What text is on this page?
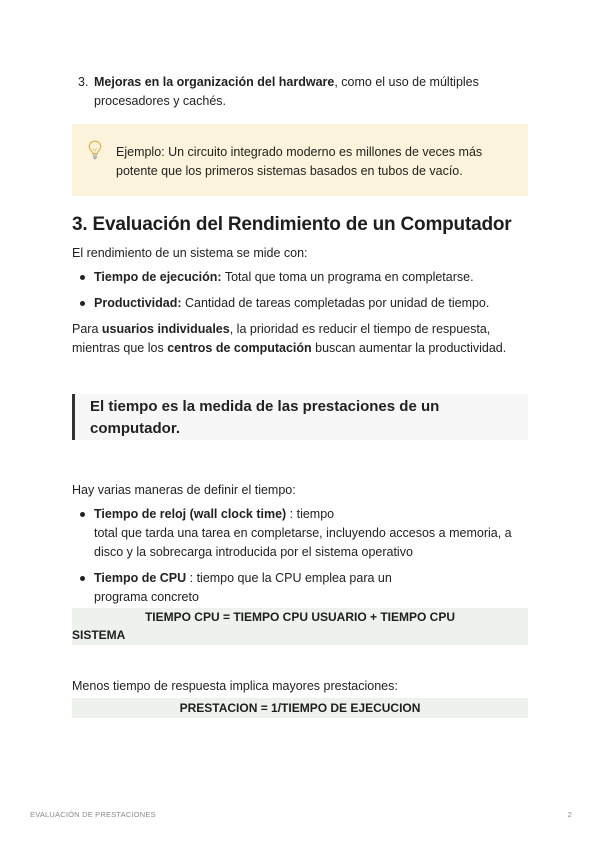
3. Mejoras en la organización del hardware, como el uso de múltiples procesadores y cachés.
Ejemplo: Un circuito integrado moderno es millones de veces más potente que los primeros sistemas basados en tubos de vacío.
3. Evaluación del Rendimiento de un Computador
El rendimiento de un sistema se mide con:
Tiempo de ejecución: Total que toma un programa en completarse.
Productividad: Cantidad de tareas completadas por unidad de tiempo.
Para usuarios individuales, la prioridad es reducir el tiempo de respuesta, mientras que los centros de computación buscan aumentar la productividad.
El tiempo es la medida de las prestaciones de un computador.
Hay varias maneras de definir el tiempo:
Tiempo de reloj (wall clock time) : tiempo
total que tarda una tarea en completarse, incluyendo accesos a memoria, a disco y la sobrecarga introducida por el sistema operativo
Tiempo de CPU : tiempo que la CPU emplea para un
programa concreto
TIEMPO CPU = TIEMPO CPU USUARIO + TIEMPO CPU
SISTEMA
Menos tiempo de respuesta implica mayores prestaciones:
PRESTACION = 1/TIEMPO DE EJECUCION
EVALUACIÓN DE PRESTACIONES	2
